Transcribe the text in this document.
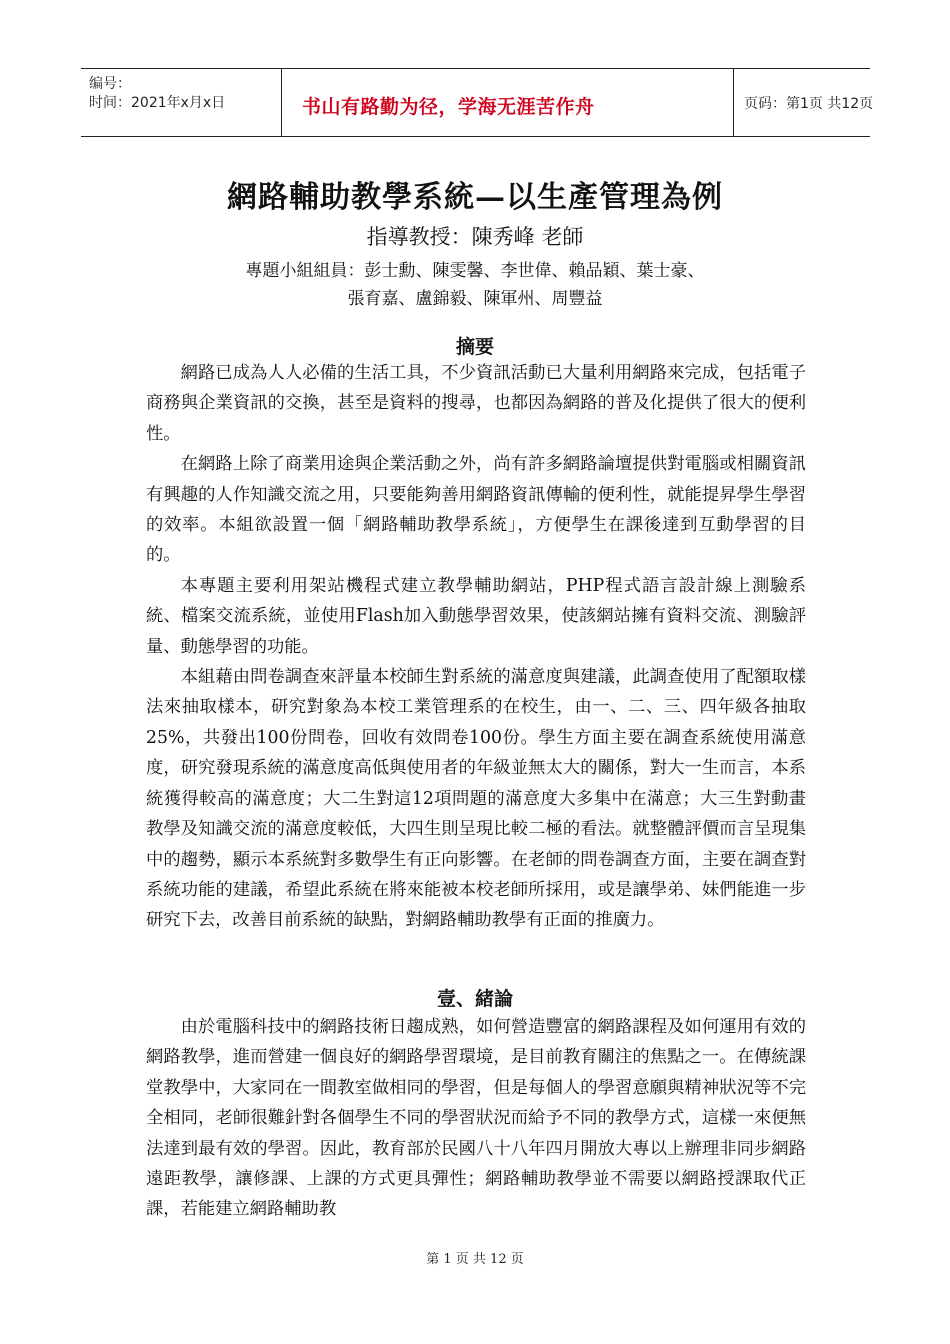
编号：
时间：2021年x月x日	书山有路勤为径，学海无涯苦作舟	页码：第1页 共12页
網路輔助教學系統—以生產管理為例
指導教授：陳秀峰 老師
專題小組組員：彭士勳、陳雯馨、李世偉、賴品穎、葉士豪、
張育嘉、盧錦毅、陳軍州、周豐益
摘要

網路已成為人人必備的生活工具，不少資訊活動已大量利用網路來完成，包括電子商務與企業資訊的交換，甚至是資料的搜尋，也都因為網路的普及化提供了很大的便利性。

在網路上除了商業用途與企業活動之外，尚有許多網路論壇提供對電腦或相關資訊有興趣的人作知識交流之用，只要能夠善用網路資訊傳輸的便利性，就能提昇學生學習的效率。本組欲設置一個「網路輔助教學系統」，方便學生在課後達到互動學習的目的。

本專題主要利用架站機程式建立教學輔助網站，PHP程式語言設計線上測驗系統、檔案交流系統，並使用Flash加入動態學習效果，使該網站擁有資料交流、測驗評量、動態學習的功能。

本組藉由問卷調查來評量本校師生對系統的滿意度與建議，此調查使用了配額取樣法來抽取樣本，研究對象為本校工業管理系的在校生，由一、二、三、四年級各抽取25%，共發出100份問卷，回收有效問卷100份。學生方面主要在調查系統使用滿意度，研究發現系統的滿意度高低與使用者的年級並無太大的關係，對大一生而言，本系統獲得較高的滿意度；大二生對這12項問題的滿意度大多集中在滿意；大三生對動畫教學及知識交流的滿意度較低，大四生則呈現比較二極的看法。就整體評價而言呈現集中的趨勢，顯示本系統對多數學生有正向影響。在老師的問卷調查方面，主要在調查對系統功能的建議，希望此系統在將來能被本校老師所採用，或是讓學弟、妹們能進一步研究下去，改善目前系統的缺點，對網路輔助教學有正面的推廣力。

壹、緒論

由於電腦科技中的網路技術日趨成熟，如何營造豐富的網路課程及如何運用有效的網路教學，進而營建一個良好的網路學習環境，是目前教育關注的焦點之一。在傳統課堂教學中，大家同在一間教室做相同的學習，但是每個人的學習意願與精神狀況等不完全相同，老師很難針對各個學生不同的學習狀況而給予不同的教學方式，這樣一來便無法達到最有效的學習。因此，教育部於民國八十八年四月開放大專以上辦理非同步網路遠距教學，讓修課、上課的方式更具彈性；網路輔助教學並不需要以網路授課取代正課，若能建立網路輔助教

第 1 页 共 12 页
